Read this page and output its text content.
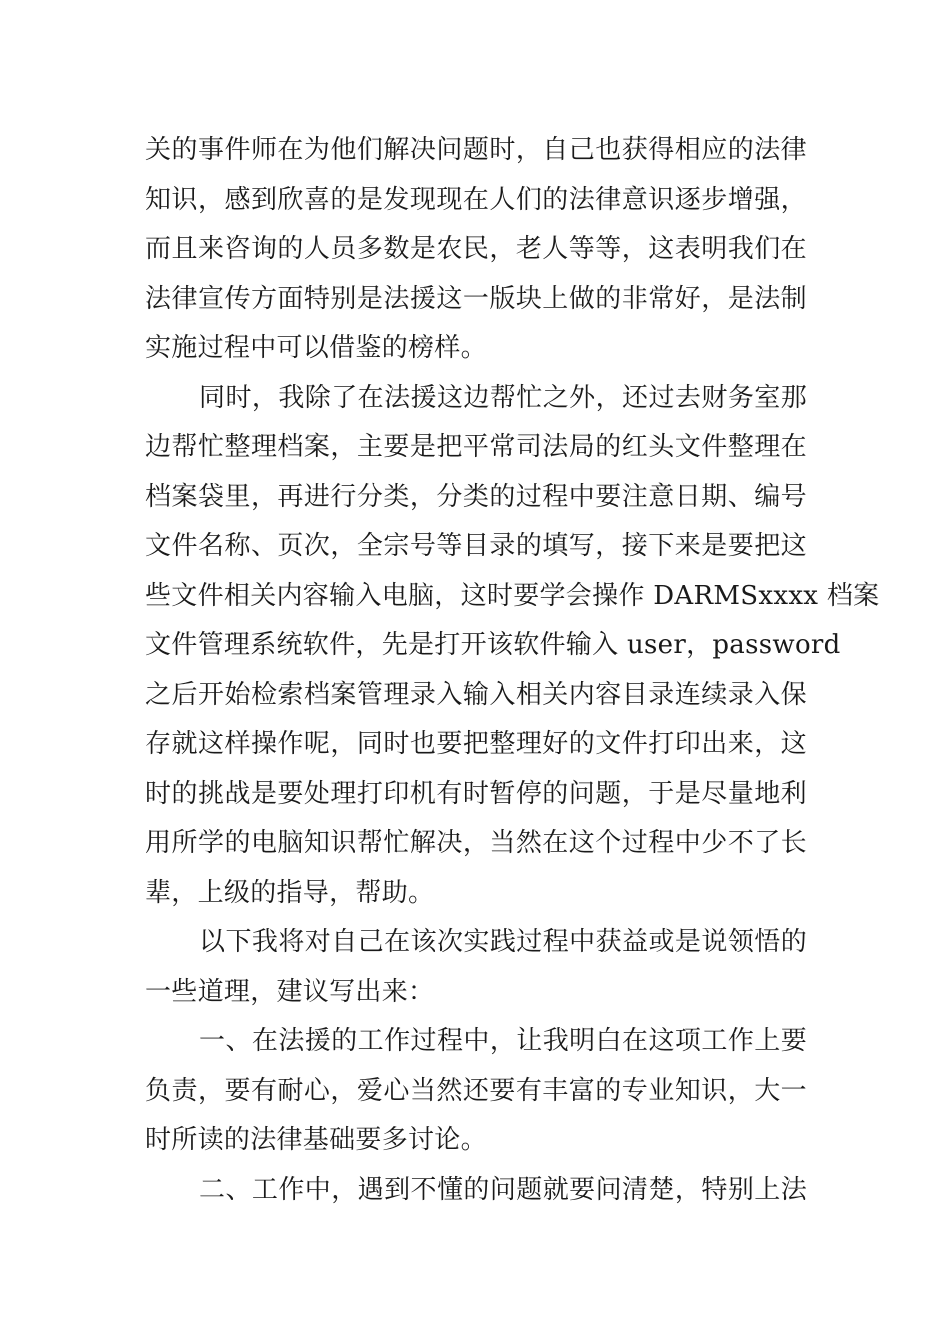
关的事件师在为他们解决问题时，自己也获得相应的法律
知识，感到欣喜的是发现现在人们的法律意识逐步增强，
而且来咨询的人员多数是农民，老人等等，这表明我们在
法律宣传方面特别是法援这一版块上做的非常好，是法制
实施过程中可以借鉴的榜样。

同时，我除了在法援这边帮忙之外，还过去财务室那
边帮忙整理档案，主要是把平常司法局的红头文件整理在
档案袋里，再进行分类，分类的过程中要注意日期、编号
文件名称、页次，全宗号等目录的填写，接下来是要把这
些文件相关内容输入电脑，这时要学会操作 DARMSxxxx 档案
文件管理系统软件，先是打开该软件输入 user，password
之后开始检索档案管理录入输入相关内容目录连续录入保
存就这样操作呢，同时也要把整理好的文件打印出来，这
时的挑战是要处理打印机有时暂停的问题，于是尽量地利
用所学的电脑知识帮忙解决，当然在这个过程中少不了长
辈，上级的指导，帮助。

以下我将对自己在该次实践过程中获益或是说领悟的
一些道理，建议写出来：

一、在法援的工作过程中，让我明白在这项工作上要
负责，要有耐心，爱心当然还要有丰富的专业知识，大一
时所读的法律基础要多讨论。

二、工作中，遇到不懂的问题就要问清楚，特别上法
